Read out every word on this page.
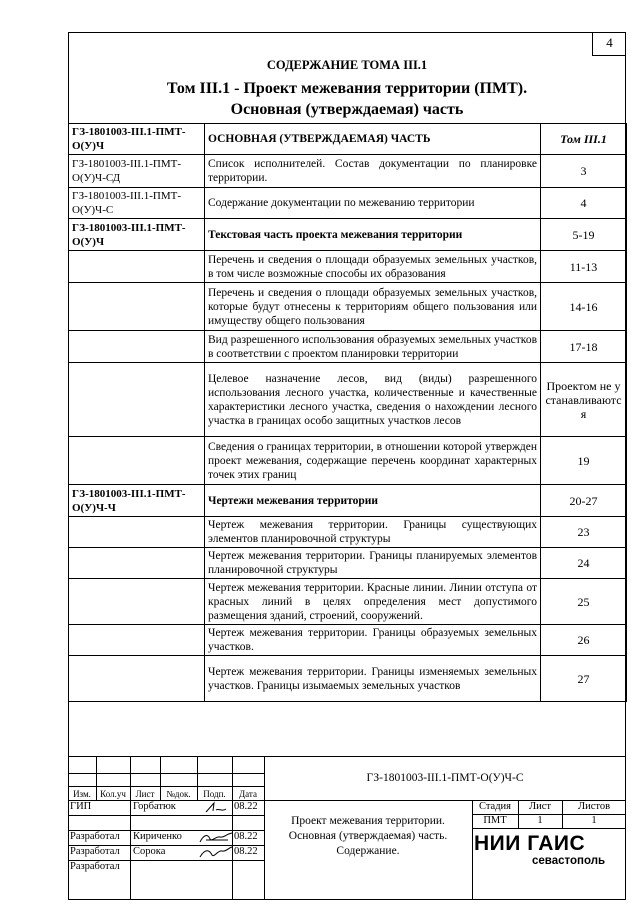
4
СОДЕРЖАНИЕ ТОМА III.1
Том III.1 - Проект межевания территории (ПМТ).
Основная (утверждаемая) часть
ГЗ-1801003-III.1-ПМТ-О(У)Ч	ОСНОВНАЯ (УТВЕРЖДАЕМАЯ) ЧАСТЬ	Том III.1
ГЗ-1801003-III.1-ПМТ-О(У)Ч-СД	Список исполнителей. Состав документации по планировке территории.	3
ГЗ-1801003-III.1-ПМТ-О(У)Ч-С	Содержание документации по межеванию территории	4
ГЗ-1801003-III.1-ПМТ-О(У)Ч	Текстовая часть проекта межевания территории	5-19
	Перечень и сведения о площади образуемых земельных участков, в том числе возможные способы их образования	11-13
	Перечень и сведения о площади образуемых земельных участков, которые будут отнесены к территориям общего пользования или имуществу общего пользования	14-16
	Вид разрешенного использования образуемых земельных участков в соответствии с проектом планировки территории	17-18
	Целевое назначение лесов, вид (виды) разрешенного использования лесного участка, количественные и качественные характеристики лесного участка, сведения о нахождении лесного участка в границах особо защитных участков лесов	Проектом не устанавливаются
	Сведения о границах территории, в отношении которой утвержден проект межевания, содержащие перечень координат характерных точек этих границ	19
ГЗ-1801003-III.1-ПМТ-О(У)Ч-Ч	Чертежи межевания территории	20-27
	Чертеж межевания территории. Границы существующих элементов планировочной структуры	23
	Чертеж межевания территории. Границы планируемых элементов планировочной структуры	24
	Чертеж межевания территории. Красные линии. Линии отступа от красных линий в целях определения мест допустимого размещения зданий, строений, сооружений.	25
	Чертеж межевания территории. Границы образуемых земельных участков.	26
	Чертеж межевания территории. Границы изменяемых земельных участков. Границы изымаемых земельных участков	27
ГЗ-1801003-III.1-ПМТ-О(У)Ч-С
Изм.	Кол.уч	Лист	№док.	Подп.	Дата
ГИП	Горбатюк	08.22
Разработал Кириченко	08.22
Разработал Сорока	08.22
Разработал
Проект межевания территории.
Основная (утверждаемая) часть.
Содержание.
Стадия	Лист	Листов
ПМТ	1	1
НИИ ГАИС
севастополь
